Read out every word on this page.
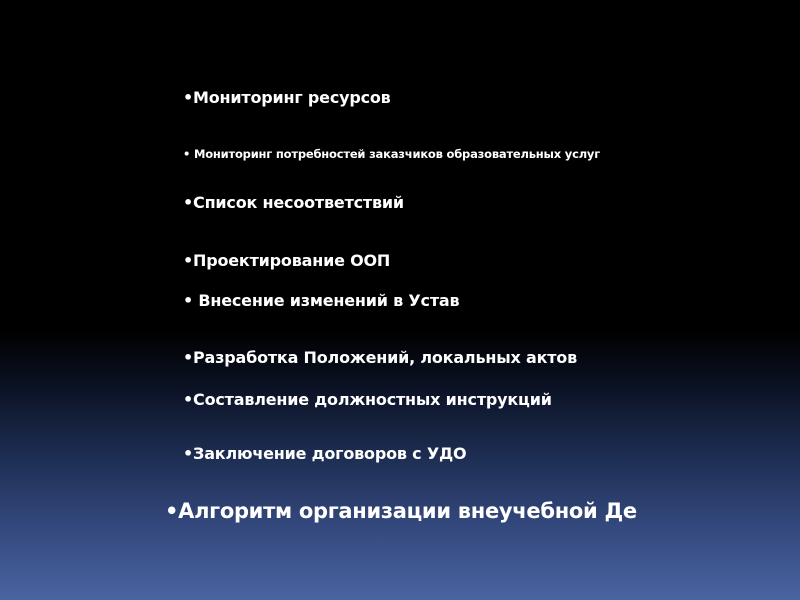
•Мониторинг ресурсов
• Мониторинг потребностей заказчиков образовательных услуг
•Список несоответствий
•Проектирование ООП
• Внесение изменений в Устав
•Разработка Положений, локальных актов
•Составление должностных инструкций
•Заключение договоров с УДО
•Алгоритм организации внеучебной Де
